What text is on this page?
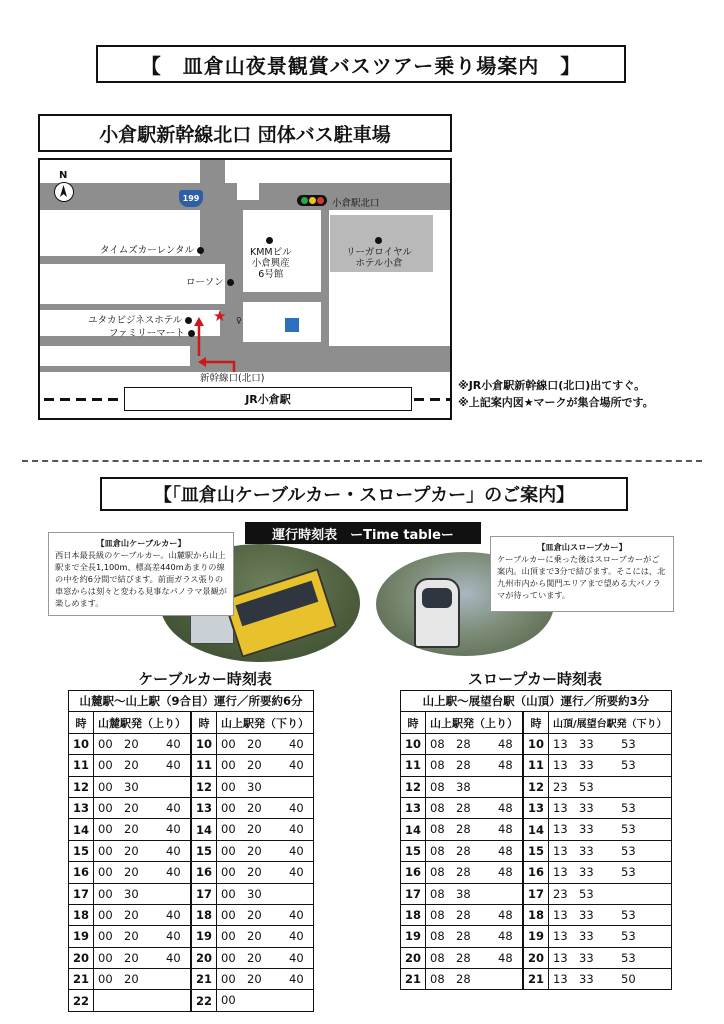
【　皿倉山夜景観賞バスツアー乗り場案内　】
小倉駅新幹線北口 団体バス駐車場
N
199	小倉駅北口
タイムズカーレンタル	KMMビル
小倉興産
6号館
リーガロイヤル
ホテル小倉
ローソン
ユタカビジネスホテル
ファミリーマート
★ ♀
新幹線口(北口)
JR小倉駅
※JR小倉駅新幹線口(北口)出てすぐ。
※上記案内図★マークが集合場所です。
【「皿倉山ケーブルカー・スロープカー」のご案内】
運行時刻表　ーTime tableー
【皿倉山ケーブルカー】
西日本最長級のケーブルカー。山麓駅から山上駅まで全長1,100m、標高差440mあまりの線の中を約6分間で結びます。前面ガラス張りの車窓からは刻々と変わる見事なパノラマ景観が楽しめます。
【皿倉山スロープカー】
ケーブルカーに乗った後はスロープカーがご案内。山頂まで3分で結びます。そこには、北九州市内から関門エリアまで望める大パノラマが待っています。
ケーブルカー時刻表
山麓駅～山上駅（9合目）運行／所要約6分			
時	山麓駅発（上り）		時	山上駅発（下り）
10	00 20 40		10	00 20 40

11	00 20 40		11	00 20 40

12	00 30		12	00 30

13	00 20 40		13	00 20 40

14	00 20 40		14	00 20 40

15	00 20 40		15	00 20 40

16	00 20 40		16	00 20 40

17	00 30		17	00 30

18	00 20 40		18	00 20 40

19	00 20 40		19	00 20 40

20	00 20 40		20	00 20 40

21	00 20		21	00 20 40

22			22	00
スロープカー時刻表
山上駅～展望台駅（山頂）運行／所要約3分			
時	山上駅発（上り）		時	山頂/展望台駅発（下り）
10	08 28 48		10	13 33 53

11	08 28 48		11	13 33 53

12	08 38		12	23 53

13	08 28 48		13	13 33 53

14	08 28 48		14	13 33 53

15	08 28 48		15	13 33 53

16	08 28 48		16	13 33 53

17	08 38		17	23 53

18	08 28 48		18	13 33 53

19	08 28 48		19	13 33 53

20	08 28 48		20	13 33 53

21	08 28		21	13 33 50
